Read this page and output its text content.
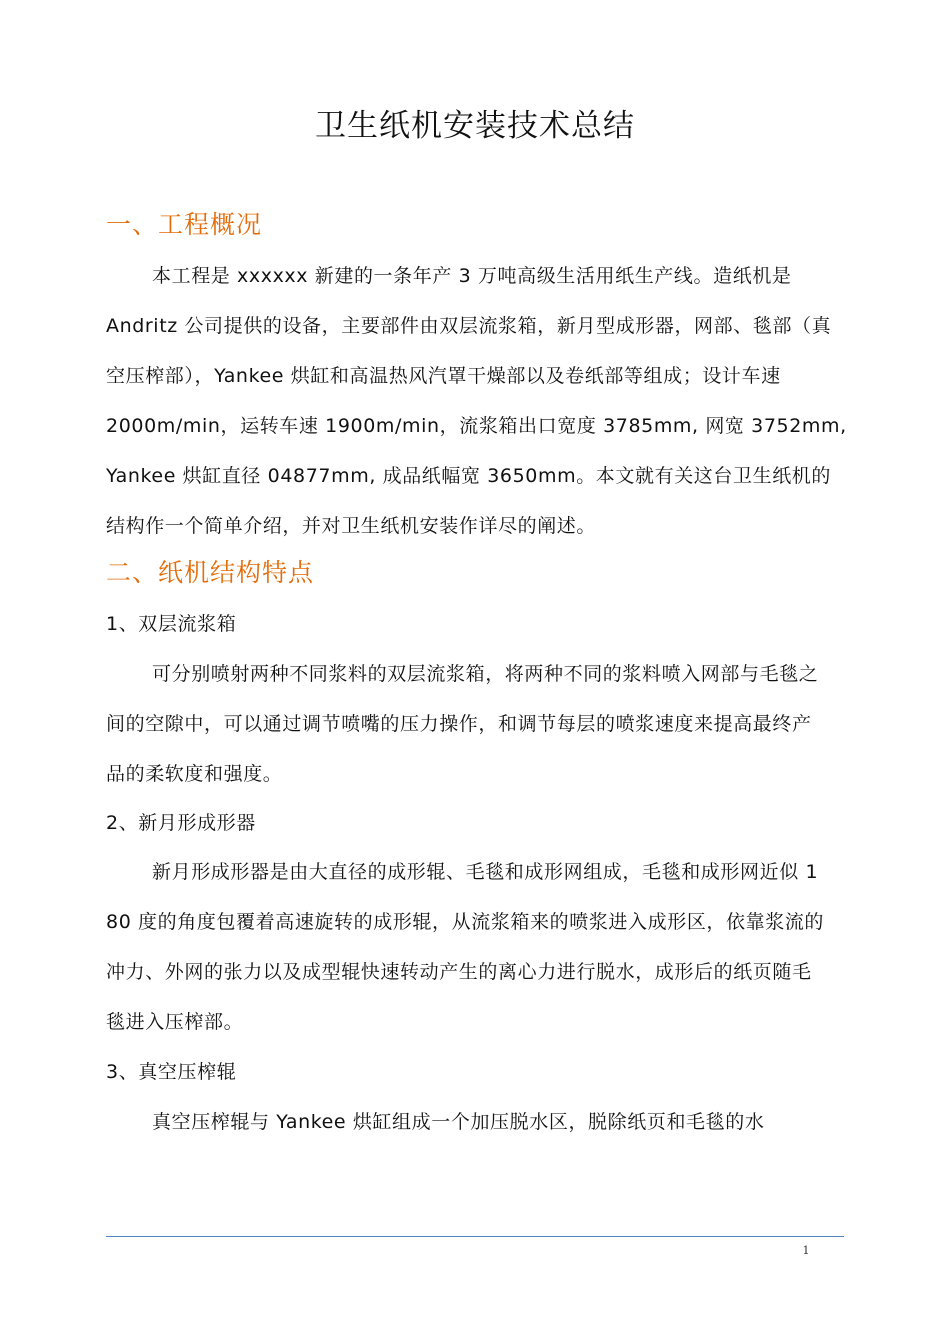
卫生纸机安装技术总结
一、工程概况
本工程是 xxxxxx 新建的一条年产 3 万吨高级生活用纸生产线。造纸机是
Andritz 公司提供的设备，主要部件由双层流浆箱，新月型成形器，网部、毯部（真
空压榨部），Yankee 烘缸和高温热风汽罩干燥部以及卷纸部等组成；设计车速
2000m/min，运转车速 1900m/min，流浆箱出口宽度 3785mm, 网宽 3752mm,
Yankee 烘缸直径 04877mm, 成品纸幅宽 3650mm。本文就有关这台卫生纸机的
结构作一个简单介绍，并对卫生纸机安装作详尽的阐述。
二、纸机结构特点
1、双层流浆箱
可分别喷射两种不同浆料的双层流浆箱，将两种不同的浆料喷入网部与毛毯之
间的空隙中，可以通过调节喷嘴的压力操作，和调节每层的喷浆速度来提高最终产
品的柔软度和强度。
2、新月形成形器
新月形成形器是由大直径的成形辊、毛毯和成形网组成，毛毯和成形网近似 1
80 度的角度包覆着高速旋转的成形辊，从流浆箱来的喷浆进入成形区，依靠浆流的
冲力、外网的张力以及成型辊快速转动产生的离心力进行脱水，成形后的纸页随毛
毯进入压榨部。
3、真空压榨辊
真空压榨辊与 Yankee 烘缸组成一个加压脱水区，脱除纸页和毛毯的水
1
